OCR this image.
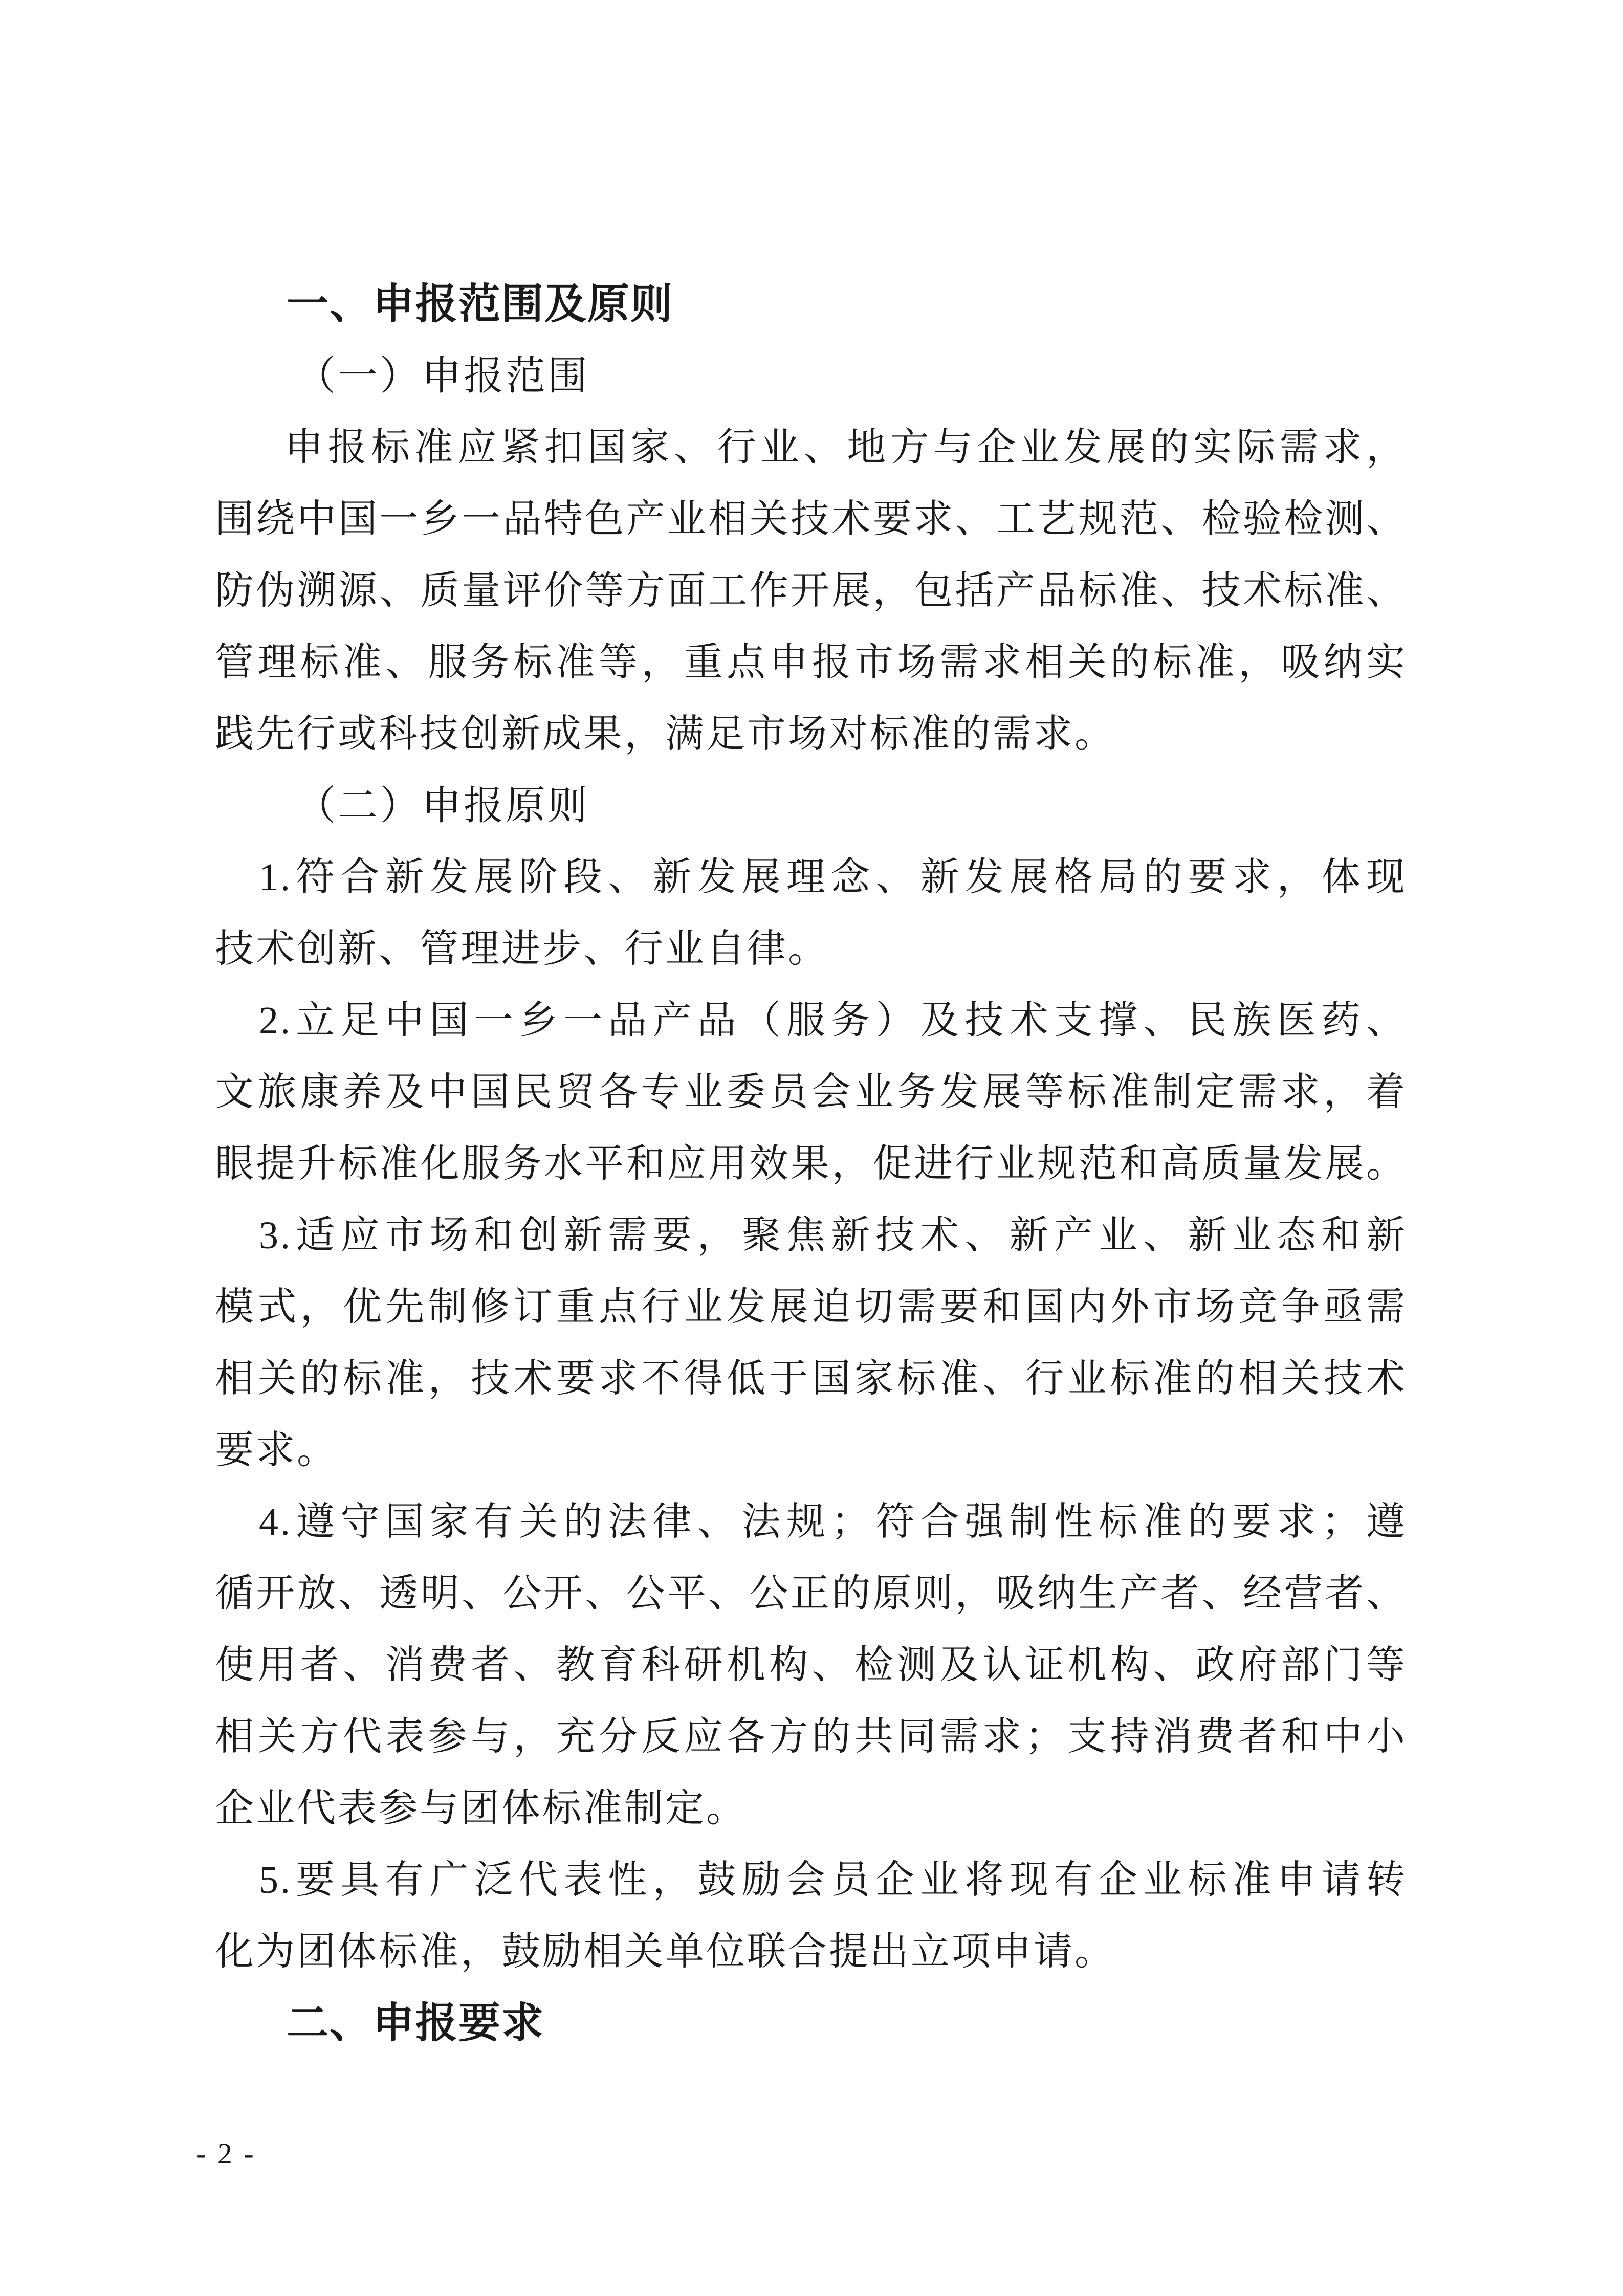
一、申报范围及原则
（一）申报范围
申报标准应紧扣国家、行业、地方与企业发展的实际需求，
围绕中国一乡一品特色产业相关技术要求、工艺规范、检验检测、
防伪溯源、质量评价等方面工作开展，包括产品标准、技术标准、
管理标准、服务标准等，重点申报市场需求相关的标准，吸纳实
践先行或科技创新成果，满足市场对标准的需求。
（二）申报原则
1.符合新发展阶段、新发展理念、新发展格局的要求，体现
技术创新、管理进步、行业自律。
2.立足中国一乡一品产品（服务）及技术支撑、民族医药、
文旅康养及中国民贸各专业委员会业务发展等标准制定需求，着
眼提升标准化服务水平和应用效果，促进行业规范和高质量发展。
3.适应市场和创新需要，聚焦新技术、新产业、新业态和新
模式，优先制修订重点行业发展迫切需要和国内外市场竞争亟需
相关的标准，技术要求不得低于国家标准、行业标准的相关技术
要求。
4.遵守国家有关的法律、法规；符合强制性标准的要求；遵
循开放、透明、公开、公平、公正的原则，吸纳生产者、经营者、
使用者、消费者、教育科研机构、检测及认证机构、政府部门等
相关方代表参与，充分反应各方的共同需求；支持消费者和中小
企业代表参与团体标准制定。
5.要具有广泛代表性，鼓励会员企业将现有企业标准申请转
化为团体标准，鼓励相关单位联合提出立项申请。
二、申报要求
- 2 -
